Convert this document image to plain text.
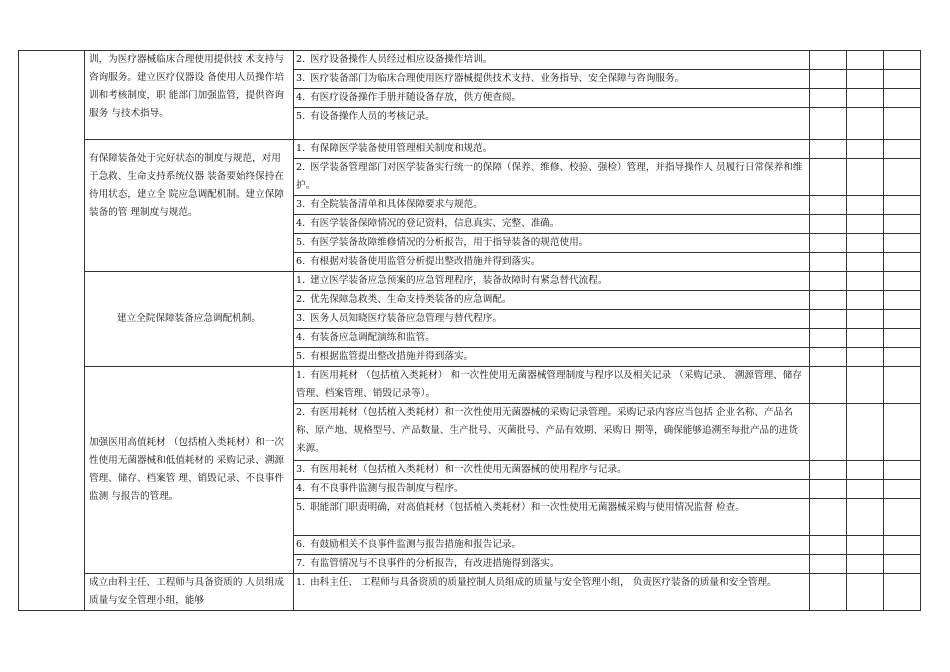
	训，为医疗器械临床合理使用提供技 术支持与咨询服务。建立医疗仪器设 备使用人员操作培训和考核制度，职 能部门加强监管，提供咨询服务 与技术指导。	2. 医疗设备操作人员经过相应设备操作培训。			
		3. 医疗装备部门为临床合理使用医疗器械提供技术支持、业务指导、安全保障与咨询服务。			
		4. 有医疗设备操作手册并随设备存放，供方便查阅。			
		5. 有设备操作人员的考核记录。			
	有保障装备处于完好状态的制度与规范，对用于急救、生命支持系统仪器 装备要始终保持在待用状态，建立全 院应急调配机制。建立保障装备的管 理制度与规范。	1. 有保障医学装备使用管理相关制度和规范。			
		2. 医学装备管理部门对医学装备实行统一的保障（保养、维修、校验、强检）管理，并指导操作人 员履行日常保养和维护。			
		3. 有全院装备清单和具体保障要求与规范。			
		4. 有医学装备保障情况的登记资料，信息真实、完整、准确。			
		5. 有医学装备故障维修情况的分析报告，用于指导装备的规范使用。			
		6. 有根据对装备使用监管分析提出整改措施并得到落实。			
	建立全院保障装备应急调配机制。	1. 建立医学装备应急预案的应急管理程序，装备故障时有紧急替代流程。			
		2. 优先保障急救类、生命支持类装备的应急调配。			
		3. 医务人员知晓医疗装备应急管理与替代程序。			
		4. 有装备应急调配演练和监管。			
		5. 有根据监管提出整改措施并得到落实。			
	加强医用高值耗材 （包括植入类耗材）和一次性使用无菌器械和低值耗材的 采购记录、溯源管理、储存、档案管 理、销毁记录、不良事件监测 与报告的管理。	1. 有医用耗材 （包括植入类耗材） 和一次性使用无菌器械管理制度与程序以及相关记录 （采购记录、 溯源管理、储存管理、档案管理、销毁记录等）。			
		2. 有医用耗材（包括植入类耗材）和一次性使用无菌器械的采购记录管理。采购记录内容应当包括 企业名称、产品名称、原产地、规格型号、产品数量、生产批号、灭菌批号、产品有效期、采购日 期等，确保能够追溯至每批产品的进货来源。			
		3. 有医用耗材（包括植入类耗材）和一次性使用无菌器械的使用程序与记录。			
		4. 有不良事件监测与报告制度与程序。			
		5. 职能部门职责明确，对高值耗材（包括植入类耗材）和一次性使用无菌器械采购与使用情况监督 检查。			
		6. 有鼓励相关不良事件监测与报告措施和报告记录。			
		7. 有监管情况与不良事件的分析报告，有改进措施得到落实。			
	成立由科主任、工程师与具备资质的 人员组成质量与安全管理小组，能够	1. 由科主任、 工程师与具备资质的质量控制人员组成的质量与安全管理小组， 负责医疗装备的质量和安全管理。			
